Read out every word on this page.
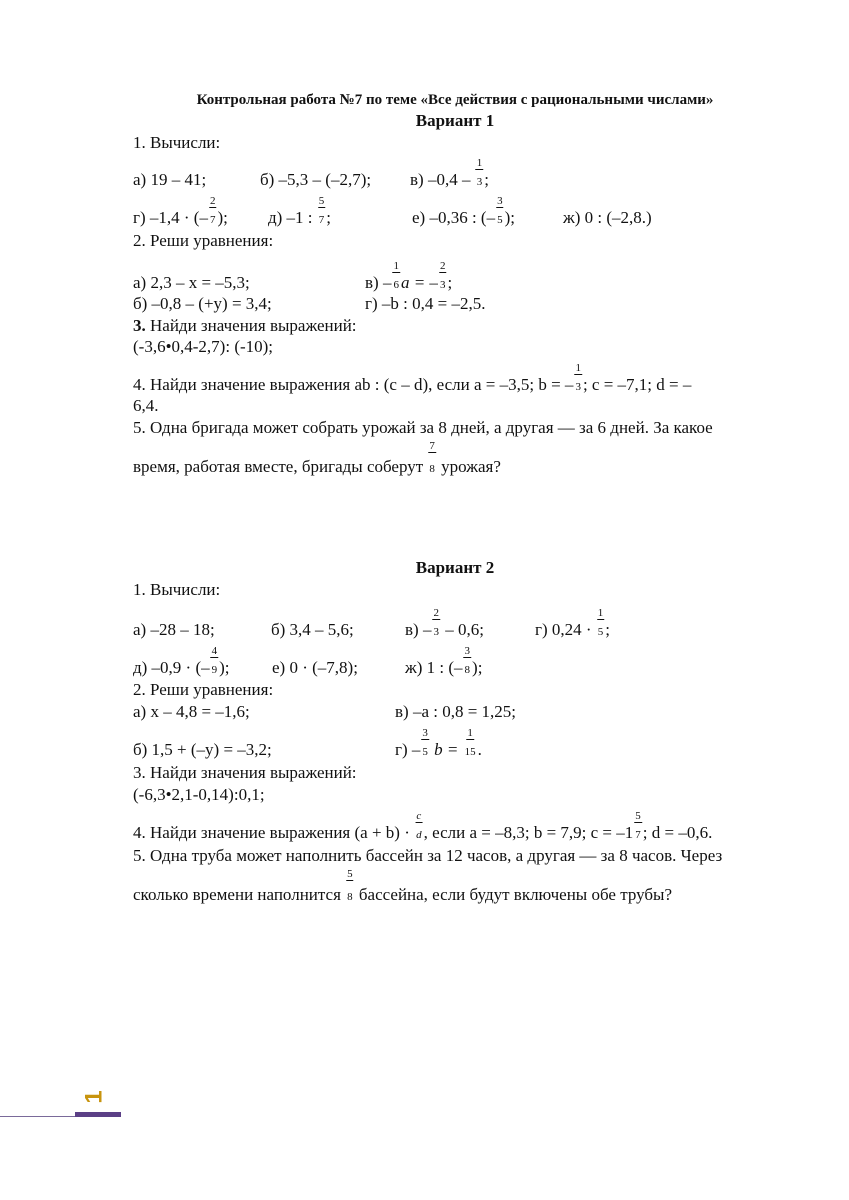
Контрольная работа №7 по теме «Все действия с рациональными числами»
Вариант 1
1. Вычисли:
а) 19 – 41;	б) –5,3 – (–2,7); в) $-0,4 - \frac{1}{3}$ ;
г) –1,4 · (– $\frac{2}{7}$ ); д) –1 : $\frac{5}{7}$ ;	е) –0,36 : (– $\frac{3}{5}$ );	ж) 0 : (–2,8.)
2. Реши уравнения:
а) 2,3 – x = –5,3;	$в) - \frac{1}{6}$ a = – $\frac{2}{3}$ ;
б) –0,8 – (+y) = 3,4;	г) –b : 0,4 = –2,5.
3. Найди значения выражений:
(-3,6•0,4-2,7): (-10);
4. Найди значение выражения ab : (c – d), если a = –3,5; b = – $\frac{1}{3}$ ; c = –7,1; d = –
6,4.
5. Одна бригада может собрать урожай за 8 дней, а другая — за 6 дней. За какое
время, работая вместе, бригады соберут $\frac{7}{8}$ урожая?
Вариант 2
1. Вычисли:
а) –28 – 18;	б) 3,4 – 5,6;	$в) - \frac{2}{3} - 0,6$;	г) $0,24 \cdot \frac{1}{5}$ ;
д) –0,9 · (– $\frac{4}{9}$ ); е) 0 · (–7,8);	ж) 1 : (– $\frac{3}{8}$ );
2. Реши уравнения:
а) x – 4,8 = –1,6;	в) –a : 0,8 = 1,25;
б) 1,5 + (–y) = –3,2;	$г) - \frac{3}{5}$ $b = \frac{1}{15}$ .
3. Найди значения выражений:
(-6,3•2,1-0,14):0,1;
4. Найди значение выражения $(a + b) \cdot \frac{c}{d}$ , если a = –8,3; b = 7,9; $c = -1 \frac{5}{7}$ ; d = –0,6.
5. Одна труба может наполнить бассейн за 12 часов, а другая — за 8 часов. Через
сколько времени наполнится $\frac{5}{8}$ бассейна, если будут включены обе трубы?
1
